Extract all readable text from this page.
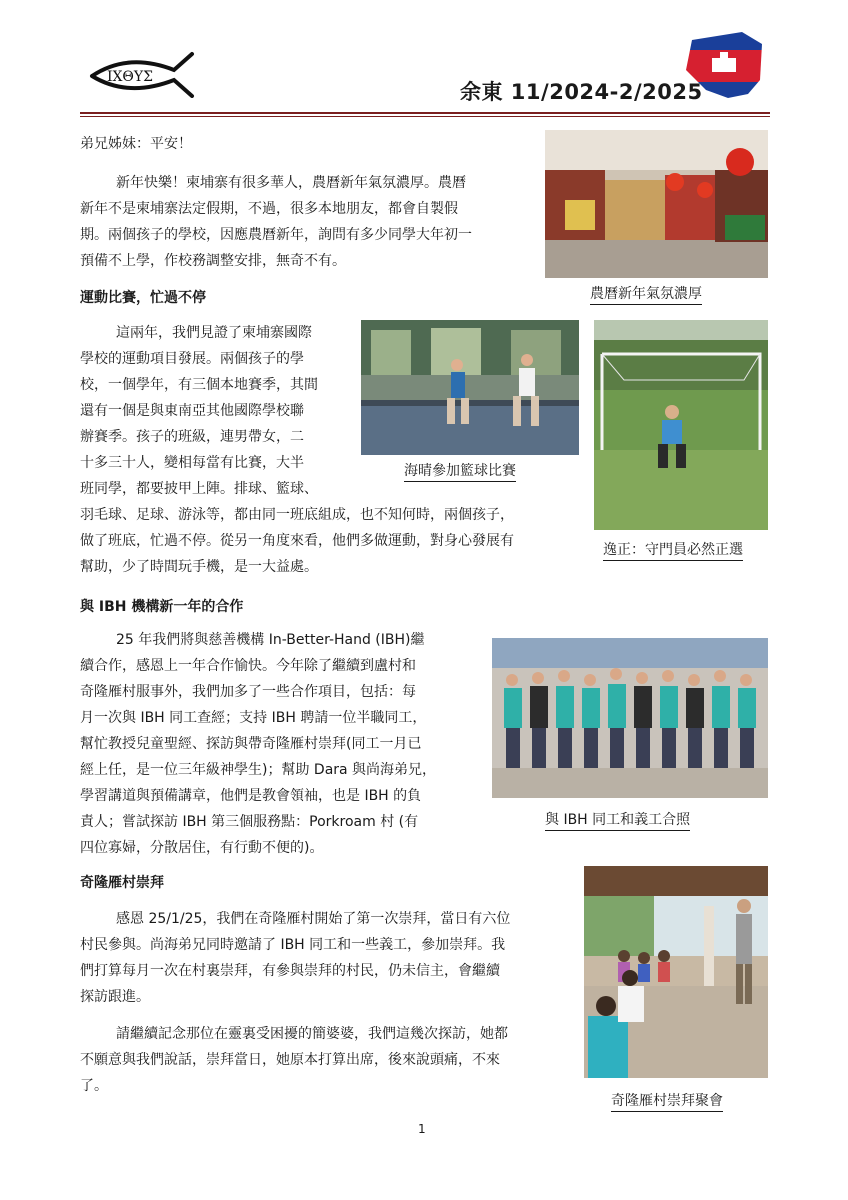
ΙΧΘΥΣ
余東 11/2024-2/2025
弟兄姊妹：平安！
新年快樂！柬埔寨有很多華人，農曆新年氣氛濃厚。農曆
新年不是柬埔寨法定假期，不過，很多本地朋友，都會自製假
期。兩個孩子的學校，因應農曆新年，詢問有多少同學大年初一
預備不上學，作校務調整安排，無奇不有。
農曆新年氣氛濃厚
運動比賽，忙過不停
這兩年，我們見證了柬埔寨國際
學校的運動項目發展。兩個孩子的學
校，一個學年，有三個本地賽季，其間
還有一個是與東南亞其他國際學校聯
辦賽季。孩子的班級，連男帶女，二
十多三十人，變相每當有比賽，大半
班同學，都要披甲上陣。排球、籃球、
羽毛球、足球、游泳等，都由同一班底組成，也不知何時，兩個孩子，
做了班底，忙過不停。從另一角度來看，他們多做運動，對身心發展有
幫助，少了時間玩手機，是一大益處。
海晴參加籃球比賽
逸正：守門員必然正選
與 IBH 機構新一年的合作
25 年我們將與慈善機構 In-Better-Hand (IBH)繼
續合作，感恩上一年合作愉快。今年除了繼續到盧村和
奇隆雁村服事外，我們加多了一些合作項目，包括：每
月一次與 IBH 同工查經；支持 IBH 聘請一位半職同工，
幫忙教授兒童聖經、探訪與帶奇隆雁村崇拜(同工一月已
經上任，是一位三年級神學生)；幫助 Dara 與尚海弟兄，
學習講道與預備講章，他們是教會領袖，也是 IBH 的負
責人；嘗試探訪 IBH 第三個服務點：Porkroam 村 (有
四位寡婦，分散居住，有行動不便的)。
與 IBH 同工和義工合照
奇隆雁村崇拜
感恩 25/1/25，我們在奇隆雁村開始了第一次崇拜，當日有六位
村民參與。尚海弟兄同時邀請了 IBH 同工和一些義工，參加崇拜。我
們打算每月一次在村裏崇拜，有參與崇拜的村民，仍未信主，會繼續
探訪跟進。
請繼續記念那位在靈裏受困擾的簡婆婆，我們這幾次探訪，她都
不願意與我們說話，崇拜當日，她原本打算出席，後來說頭痛，不來
了。
奇隆雁村崇拜聚會
1
